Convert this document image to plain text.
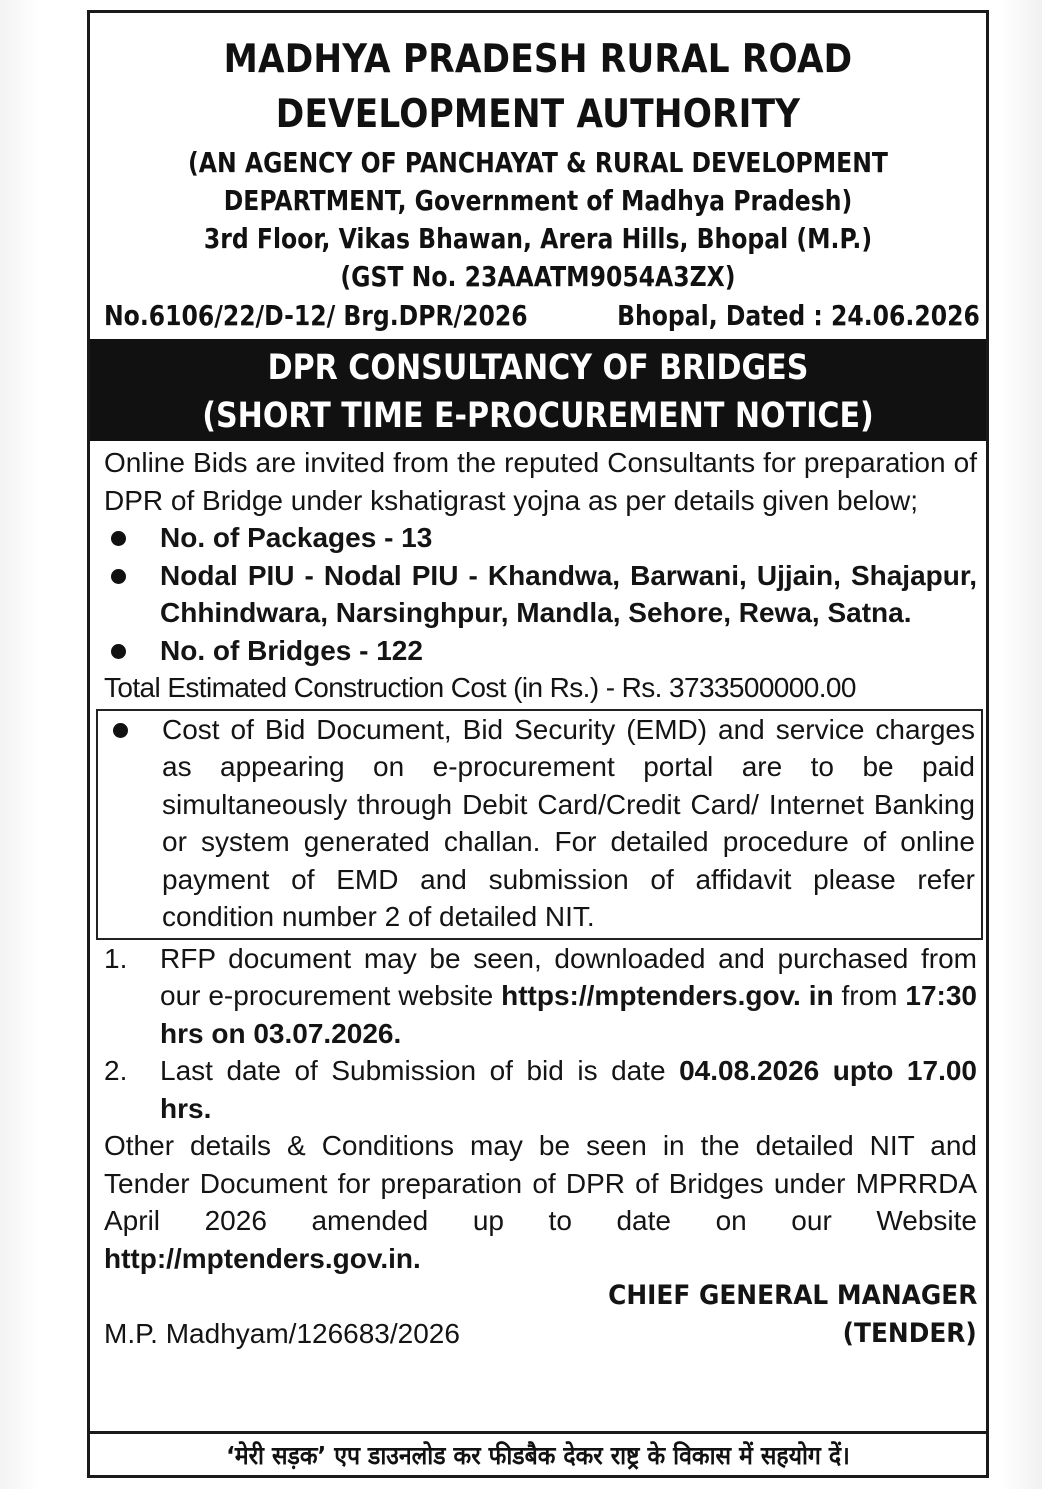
MADHYA PRADESH RURAL ROAD
DEVELOPMENT AUTHORITY
(AN AGENCY OF PANCHAYAT & RURAL DEVELOPMENT
DEPARTMENT, Government of Madhya Pradesh)
3rd Floor, Vikas Bhawan, Arera Hills, Bhopal (M.P.)
(GST No. 23AAATM9054A3ZX)
No.6106/22/D-12/ Brg.DPR/2026	Bhopal, Dated : 24.06.2026
DPR CONSULTANCY OF BRIDGES
(SHORT TIME E-PROCUREMENT NOTICE)
Online Bids are invited from the reputed Consultants for preparation of DPR of Bridge under kshatigrast yojna as per details given below;
No. of Packages - 13
Nodal PIU - Nodal PIU - Khandwa, Barwani, Ujjain, Shajapur, Chhindwara, Narsinghpur, Mandla, Sehore, Rewa, Satna.
No. of Bridges - 122
Total Estimated Construction Cost (in Rs.) - Rs. 3733500000.00
Cost of Bid Document, Bid Security (EMD) and service charges as appearing on e-procurement portal are to be paid simultaneously through Debit Card/Credit Card/ Internet Banking or system generated challan. For detailed procedure of online payment of EMD and submission of affidavit please refer condition number 2 of detailed NIT.
1. RFP document may be seen, downloaded and purchased from our e-procurement website https://mptenders.gov. in from 17:30 hrs on 03.07.2026.
2. Last date of Submission of bid is date 04.08.2026 upto 17.00 hrs.
Other details & Conditions may be seen in the detailed NIT and Tender Document for preparation of DPR of Bridges under MPRRDA April 2026 amended up to date on our Website http://mptenders.gov.in.
CHIEF GENERAL MANAGER
M.P. Madhyam/126683/2026	(TENDER)
‘मेरी सड़क’ एप डाउनलोड कर फीडबैक देकर राष्ट्र के विकास में सहयोग दें।
